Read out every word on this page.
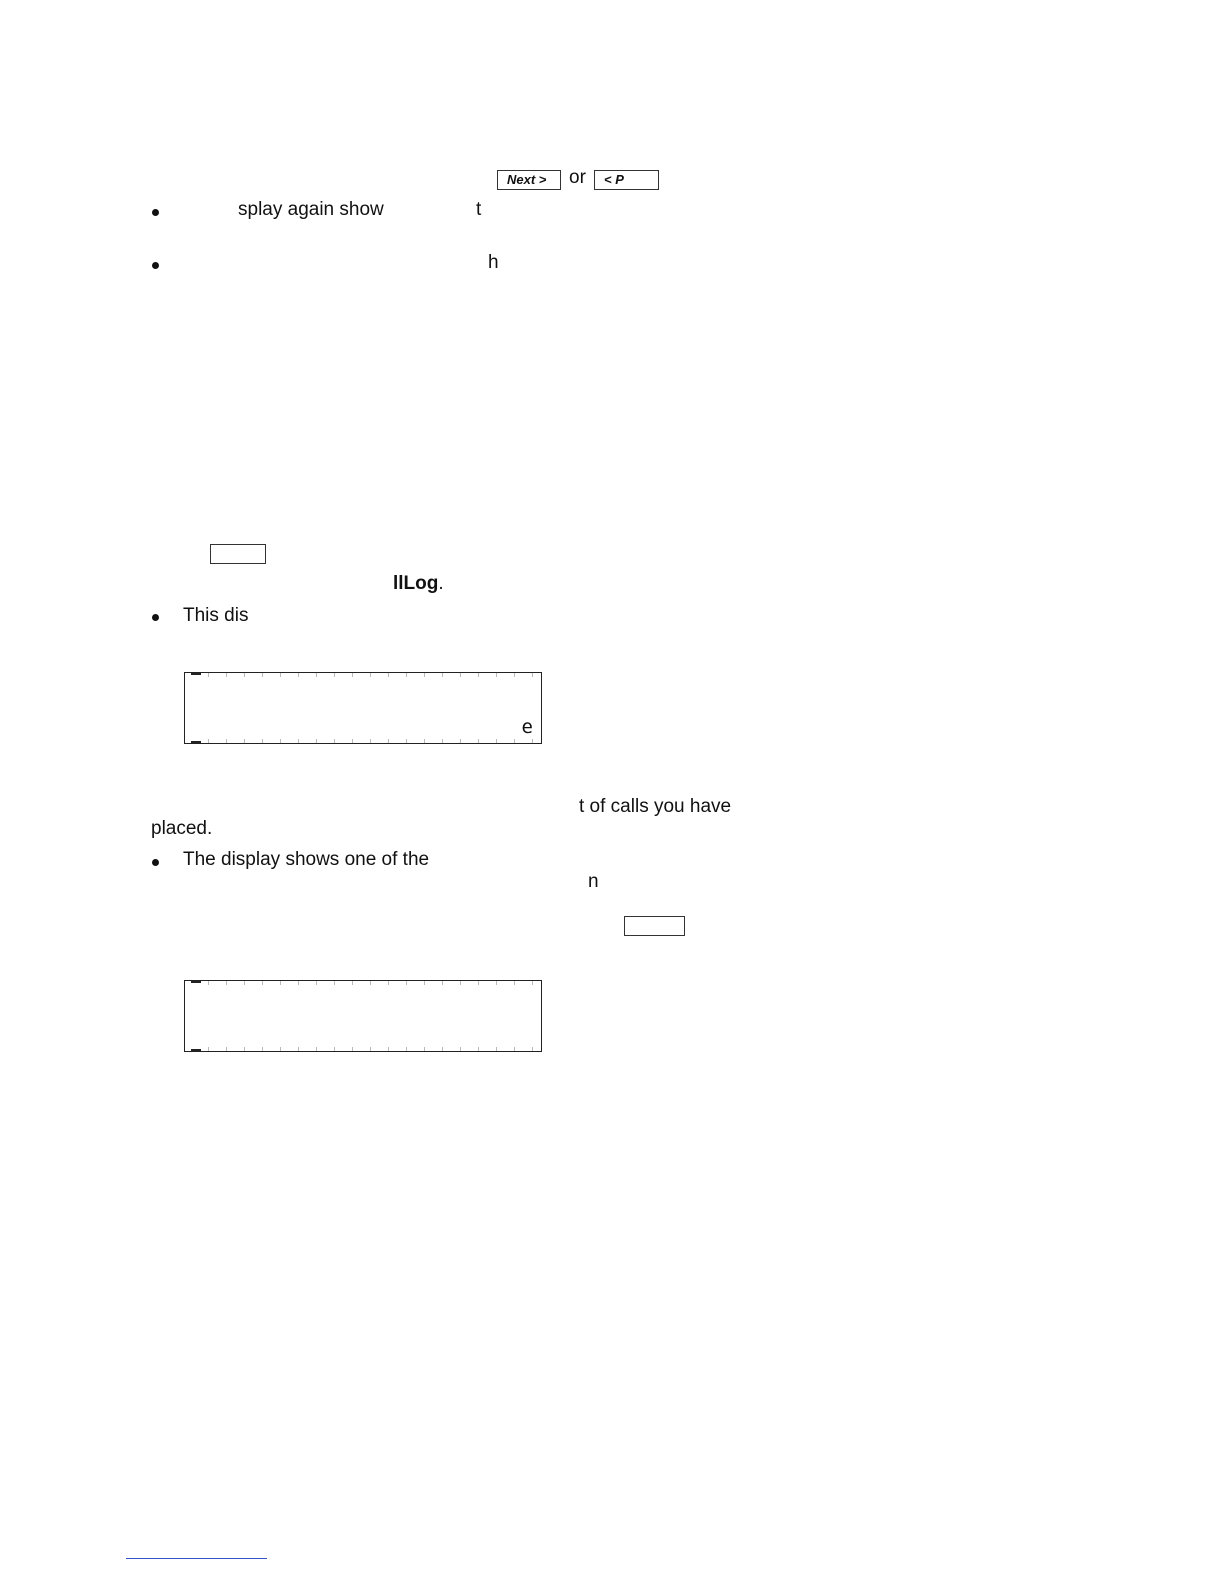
Next >	or	< P
splay again show	t
h
llLog.
This dis
e
t of calls you have
placed.
The display shows one of the
n
